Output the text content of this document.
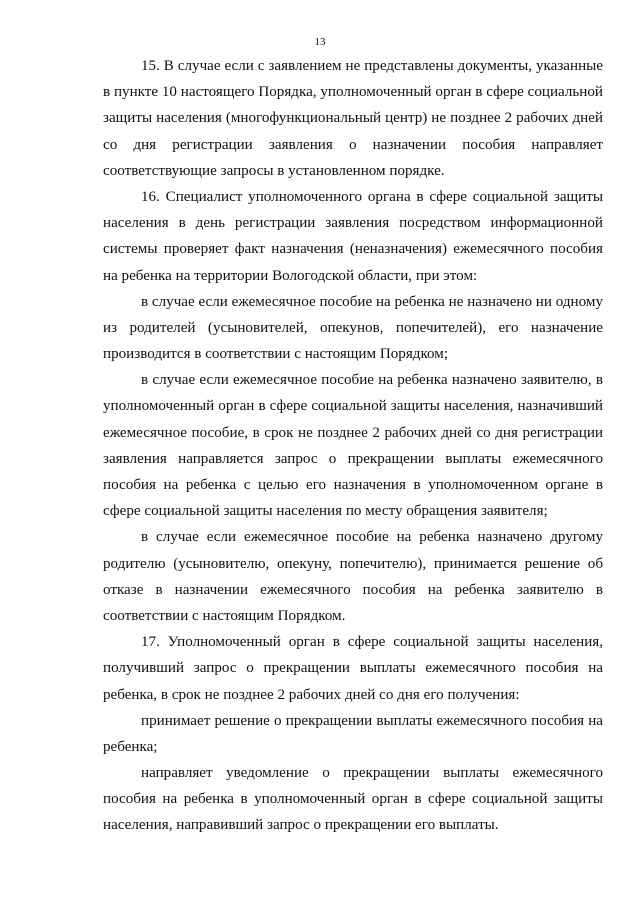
13
15. В случае если с заявлением не представлены документы, указанные
в пункте 10 настоящего Порядка, уполномоченный орган в сфере социальной
защиты населения (многофункциональный центр) не позднее 2 рабочих дней
со дня регистрации заявления о назначении пособия направляет
соответствующие запросы в установленном порядке.
16. Специалист уполномоченного органа в сфере социальной защиты
населения в день регистрации заявления посредством информационной
системы проверяет факт назначения (неназначения) ежемесячного пособия
на ребенка на территории Вологодской области, при этом:
в случае если ежемесячное пособие на ребенка не назначено ни одному
из родителей (усыновителей, опекунов, попечителей), его назначение
производится в соответствии с настоящим Порядком;
в случае если ежемесячное пособие на ребенка назначено заявителю, в
уполномоченный орган в сфере социальной защиты населения, назначивший
ежемесячное пособие, в срок не позднее 2 рабочих дней со дня регистрации
заявления направляется запрос о прекращении выплаты ежемесячного
пособия на ребенка с целью его назначения в уполномоченном органе в
сфере социальной защиты населения по месту обращения заявителя;
в случае если ежемесячное пособие на ребенка назначено другому
родителю (усыновителю, опекуну, попечителю), принимается решение об
отказе в назначении ежемесячного пособия на ребенка заявителю в
соответствии с настоящим Порядком.
17. Уполномоченный орган в сфере социальной защиты населения,
получивший запрос о прекращении выплаты ежемесячного пособия на
ребенка, в срок не позднее 2 рабочих дней со дня его получения:
принимает решение о прекращении выплаты ежемесячного пособия на
ребенка;
направляет уведомление о прекращении выплаты ежемесячного
пособия на ребенка в уполномоченный орган в сфере социальной защиты
населения, направивший запрос о прекращении его выплаты.
